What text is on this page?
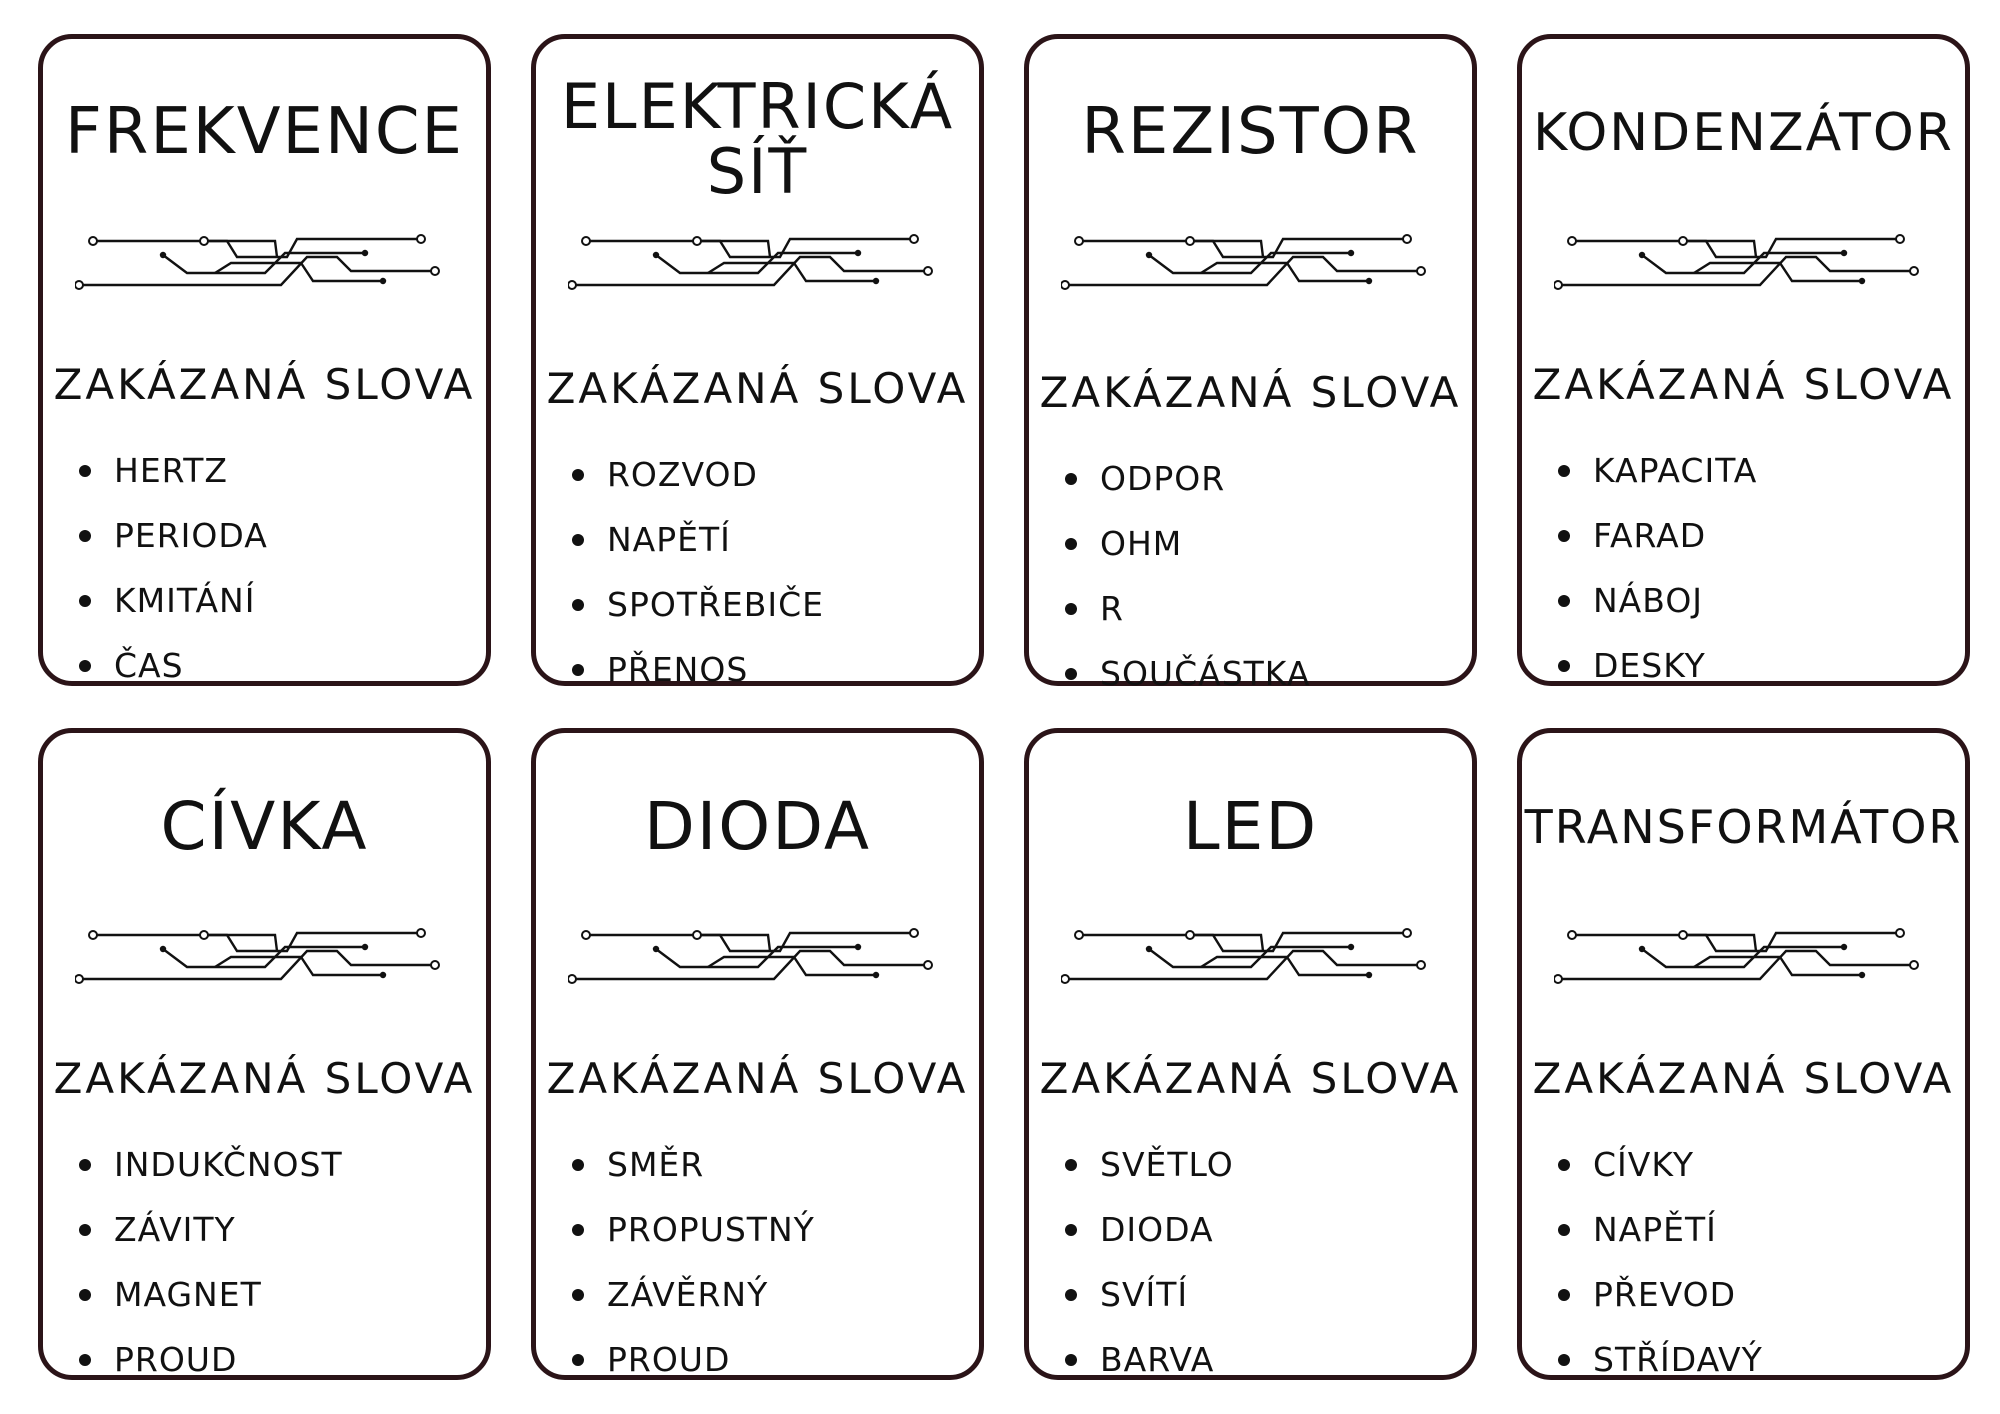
FREKVENCE
ZAKÁZANÁ SLOVA
HERTZ
PERIODA
KMITÁNÍ
ČAS
ELEKTRICKÁ
SÍŤ
ZAKÁZANÁ SLOVA
ROZVOD
NAPĚTÍ
SPOTŘEBIČE
PŘENOS
REZISTOR
ZAKÁZANÁ SLOVA
ODPOR
OHM
R
SOUČÁSTKA
KONDENZÁTOR
ZAKÁZANÁ SLOVA
KAPACITA
FARAD
NÁBOJ
DESKY
CÍVKA
ZAKÁZANÁ SLOVA
INDUKČNOST
ZÁVITY
MAGNET
PROUD
DIODA
ZAKÁZANÁ SLOVA
SMĚR
PROPUSTNÝ
ZÁVĚRNÝ
PROUD
LED
ZAKÁZANÁ SLOVA
SVĚTLO
DIODA
SVÍTÍ
BARVA
TRANSFORMÁTOR
ZAKÁZANÁ SLOVA
CÍVKY
NAPĚTÍ
PŘEVOD
STŘÍDAVÝ
